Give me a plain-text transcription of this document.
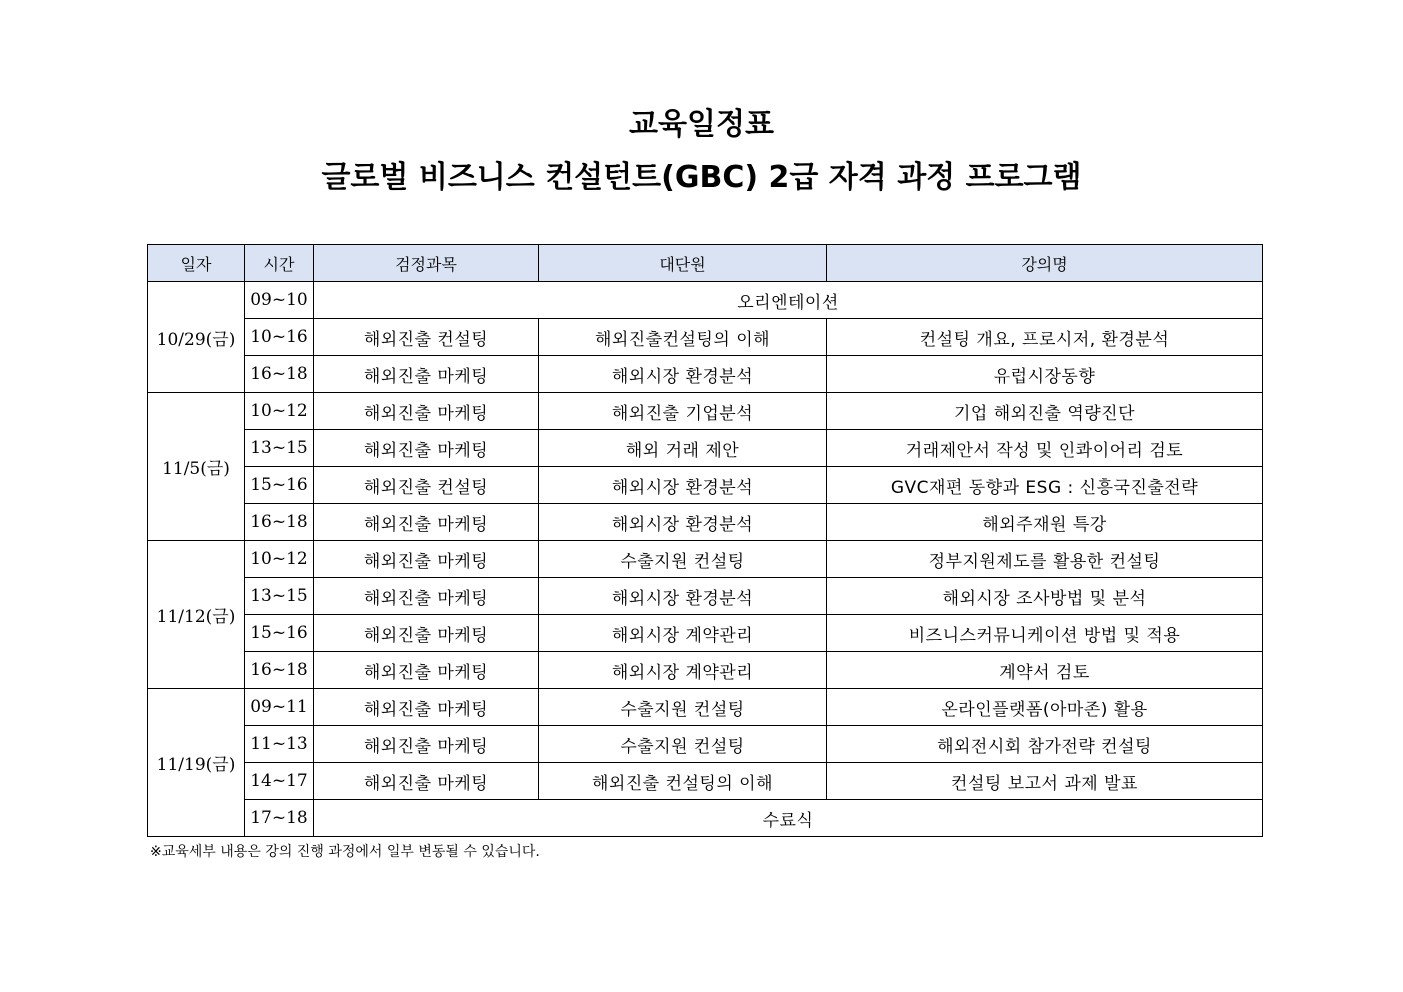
교육일정표
글로벌 비즈니스 컨설턴트(GBC) 2급 자격 과정 프로그램
일자	시간	검정과목	대단원	강의명
10/29(금)	09~10	오리엔테이션		
	10~16	해외진출 컨설팅	해외진출컨설팅의 이해	컨설팅 개요, 프로시저, 환경분석
	16~18	해외진출 마케팅	해외시장 환경분석	유럽시장동향
11/5(금)	10~12	해외진출 마케팅	해외진출 기업분석	기업 해외진출 역량진단
	13~15	해외진출 마케팅	해외 거래 제안	거래제안서 작성 및 인콰이어리 검토
	15~16	해외진출 컨설팅	해외시장 환경분석	GVC재편 동향과 ESG : 신흥국진출전략
	16~18	해외진출 마케팅	해외시장 환경분석	해외주재원 특강
11/12(금)	10~12	해외진출 마케팅	수출지원 컨설팅	정부지원제도를 활용한 컨설팅
	13~15	해외진출 마케팅	해외시장 환경분석	해외시장 조사방법 및 분석
	15~16	해외진출 마케팅	해외시장 계약관리	비즈니스커뮤니케이션 방법 및 적용
	16~18	해외진출 마케팅	해외시장 계약관리	계약서 검토
11/19(금)	09~11	해외진출 마케팅	수출지원 컨설팅	온라인플랫폼(아마존) 활용
	11~13	해외진출 마케팅	수출지원 컨설팅	해외전시회 참가전략 컨설팅
	14~17	해외진출 마케팅	해외진출 컨설팅의 이해	컨설팅 보고서 과제 발표
	17~18	수료식		
※교육세부 내용은 강의 진행 과정에서 일부 변동될 수 있습니다.
